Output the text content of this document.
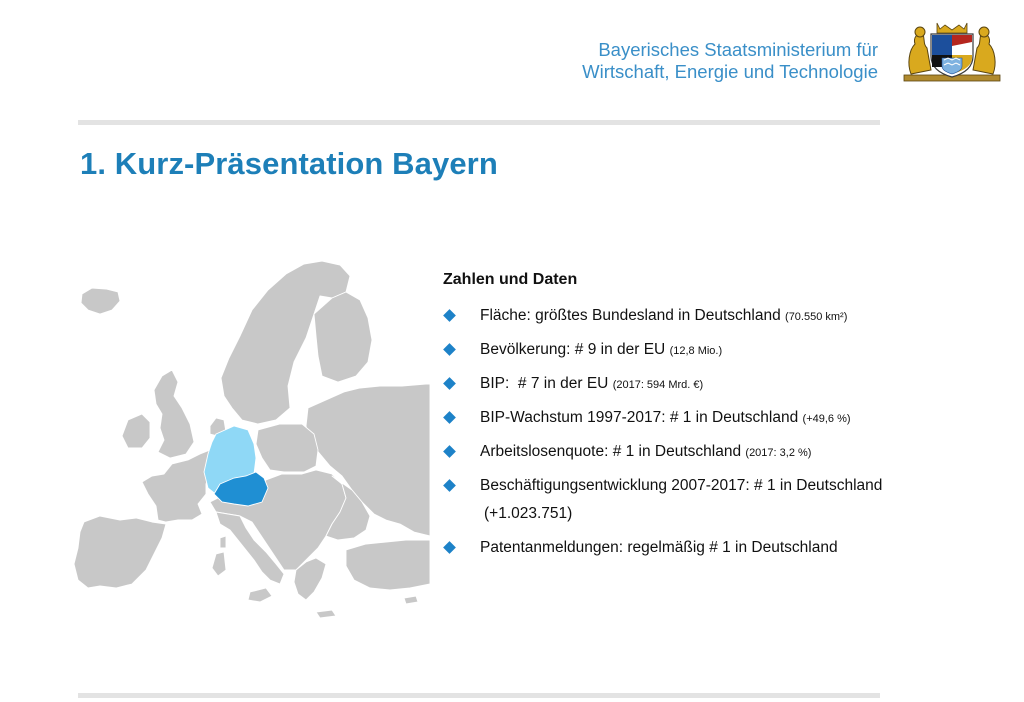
Bayerisches Staatsministerium für
Wirtschaft, Energie und Technologie
1. Kurz-Präsentation Bayern
Zahlen und Daten
Fläche: größtes Bundesland in Deutschland (70.550 km²)
Bevölkerung: # 9 in der EU (12,8 Mio.)
BIP:  # 7 in der EU (2017: 594 Mrd. €)
BIP-Wachstum 1997-2017: # 1 in Deutschland (+49,6 %)
Arbeitslosenquote: # 1 in Deutschland (2017: 3,2 %)
Beschäftigungsentwicklung 2007-2017: # 1 in Deutschland
(+1.023.751)
Patentanmeldungen: regelmäßig # 1 in Deutschland
